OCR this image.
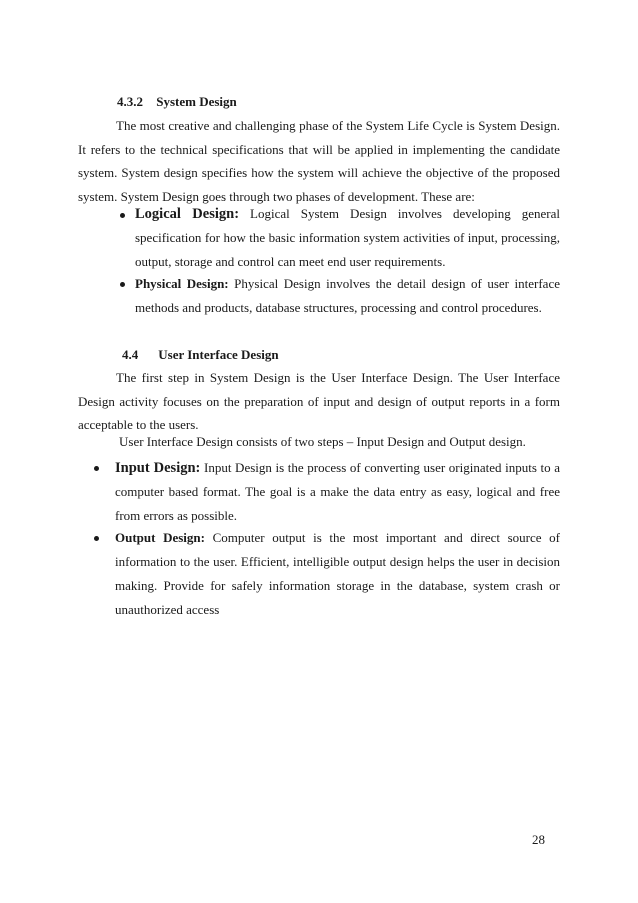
4.3.2 System Design

The most creative and challenging phase of the System Life Cycle is System Design. It refers to the technical specifications that will be applied in implementing the candidate system. System design specifies how the system will achieve the objective of the proposed system. System Design goes through two phases of development. These are:

Logical Design: Logical System Design involves developing general specification for how the basic information system activities of input, processing, output, storage and control can meet end user requirements.

Physical Design: Physical Design involves the detail design of user interface methods and products, database structures, processing and control procedures.

4.4 User Interface Design

The first step in System Design is the User Interface Design. The User Interface Design activity focuses on the preparation of input and design of output reports in a form acceptable to the users.

User Interface Design consists of two steps – Input Design and Output design.

Input Design: Input Design is the process of converting user originated inputs to a computer based format. The goal is a make the data entry as easy, logical and free from errors as possible.

Output Design: Computer output is the most important and direct source of information to the user. Efficient, intelligible output design helps the user in decision making. Provide for safely information storage in the database, system crash or unauthorized access

28
